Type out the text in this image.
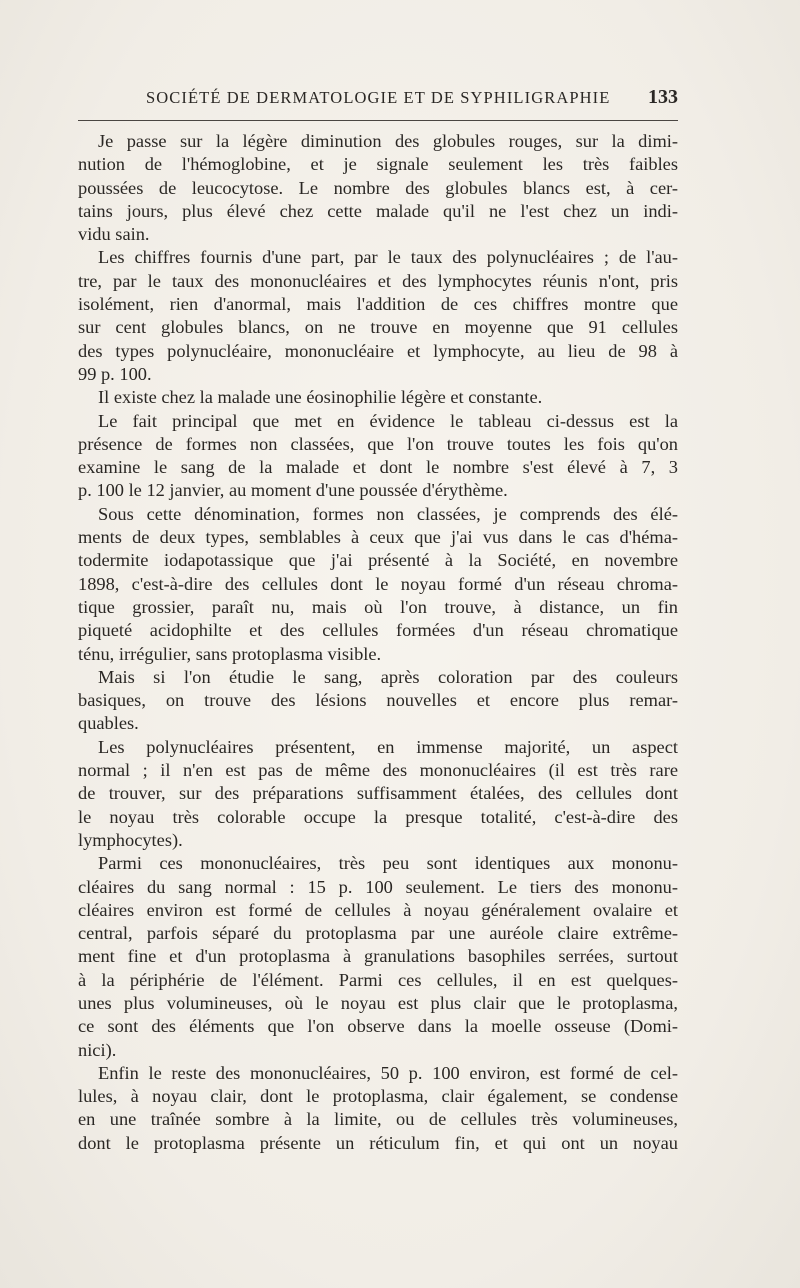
SOCIÉTÉ DE DERMATOLOGIE ET DE SYPHILIGRAPHIE 133
Je passe sur la légère diminution des globules rouges, sur la dimi-
nution de l'hémoglobine, et je signale seulement les très faibles
poussées de leucocytose. Le nombre des globules blancs est, à cer-
tains jours, plus élevé chez cette malade qu'il ne l'est chez un indi-
vidu sain.
Les chiffres fournis d'une part, par le taux des polynucléaires ; de l'au-
tre, par le taux des mononucléaires et des lymphocytes réunis n'ont, pris
isolément, rien d'anormal, mais l'addition de ces chiffres montre que
sur cent globules blancs, on ne trouve en moyenne que 91 cellules
des types polynucléaire, mononucléaire et lymphocyte, au lieu de 98 à
99 p. 100.
Il existe chez la malade une éosinophilie légère et constante.
Le fait principal que met en évidence le tableau ci-dessus est la
présence de formes non classées, que l'on trouve toutes les fois qu'on
examine le sang de la malade et dont le nombre s'est élevé à 7, 3
p. 100 le 12 janvier, au moment d'une poussée d'érythème.
Sous cette dénomination, formes non classées, je comprends des élé-
ments de deux types, semblables à ceux que j'ai vus dans le cas d'héma-
todermite iodapotassique que j'ai présenté à la Société, en novembre
1898, c'est-à-dire des cellules dont le noyau formé d'un réseau chroma-
tique grossier, paraît nu, mais où l'on trouve, à distance, un fin
piqueté acidophilte et des cellules formées d'un réseau chromatique
ténu, irrégulier, sans protoplasma visible.
Mais si l'on étudie le sang, après coloration par des couleurs
basiques, on trouve des lésions nouvelles et encore plus remar-
quables.
Les polynucléaires présentent, en immense majorité, un aspect
normal ; il n'en est pas de même des mononucléaires (il est très rare
de trouver, sur des préparations suffisamment étalées, des cellules dont
le noyau très colorable occupe la presque totalité, c'est-à-dire des
lymphocytes).
Parmi ces mononucléaires, très peu sont identiques aux mononu-
cléaires du sang normal : 15 p. 100 seulement. Le tiers des mononu-
cléaires environ est formé de cellules à noyau généralement ovalaire et
central, parfois séparé du protoplasma par une auréole claire extrême-
ment fine et d'un protoplasma à granulations basophiles serrées, surtout
à la périphérie de l'élément. Parmi ces cellules, il en est quelques-
unes plus volumineuses, où le noyau est plus clair que le protoplasma,
ce sont des éléments que l'on observe dans la moelle osseuse (Domi-
nici).
Enfin le reste des mononucléaires, 50 p. 100 environ, est formé de cel-
lules, à noyau clair, dont le protoplasma, clair également, se condense
en une traînée sombre à la limite, ou de cellules très volumineuses,
dont le protoplasma présente un réticulum fin, et qui ont un noyau
